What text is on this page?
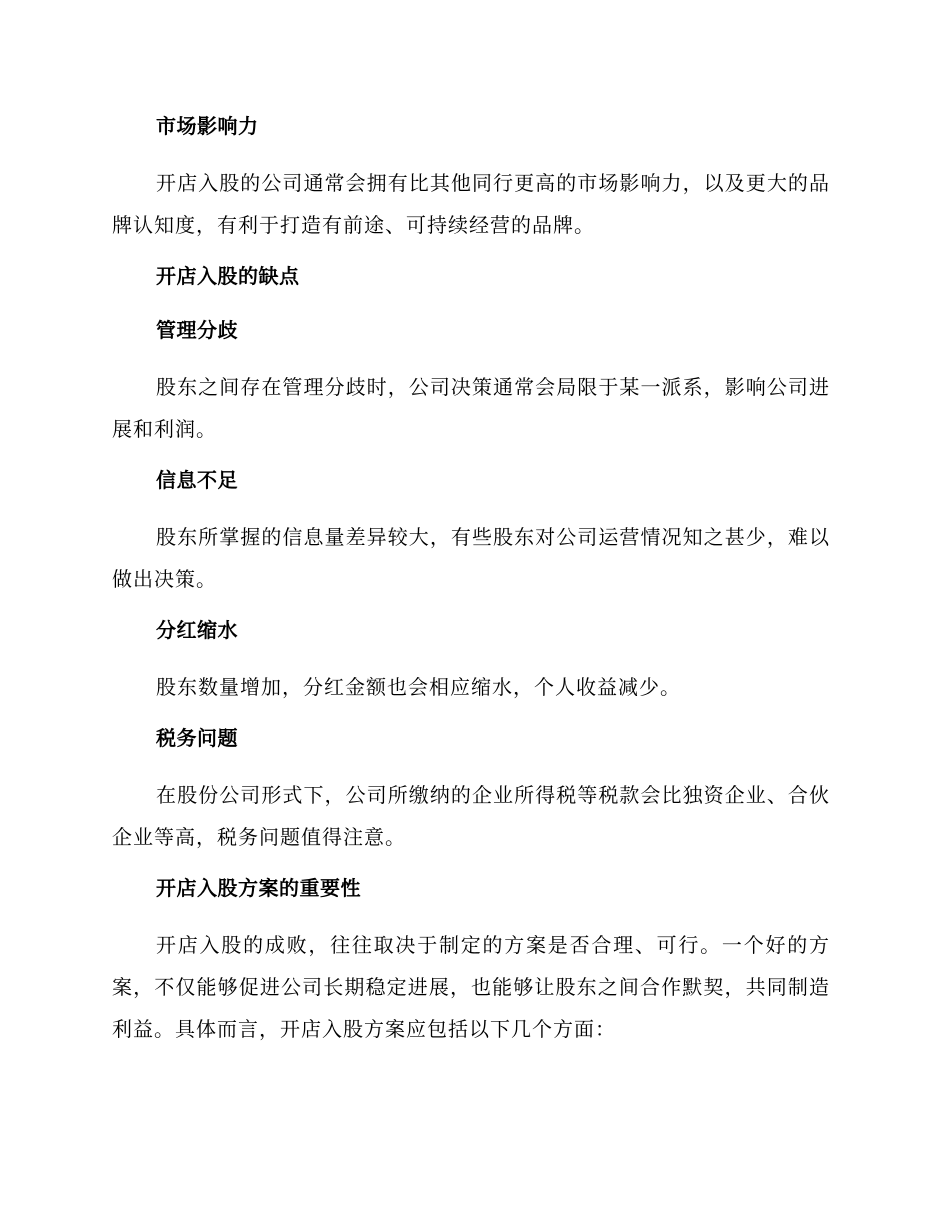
市场影响力

开店入股的公司通常会拥有比其他同行更高的市场影响力，以及更大的品牌认知度，有利于打造有前途、可持续经营的品牌。

开店入股的缺点
管理分歧

股东之间存在管理分歧时，公司决策通常会局限于某一派系，影响公司进展和利润。

信息不足

股东所掌握的信息量差异较大，有些股东对公司运营情况知之甚少，难以做出决策。

分红缩水

股东数量增加，分红金额也会相应缩水，个人收益减少。

税务问题

在股份公司形式下，公司所缴纳的企业所得税等税款会比独资企业、合伙企业等高，税务问题值得注意。

开店入股方案的重要性

开店入股的成败，往往取决于制定的方案是否合理、可行。一个好的方案，不仅能够促进公司长期稳定进展，也能够让股东之间合作默契，共同制造利益。具体而言，开店入股方案应包括以下几个方面：
